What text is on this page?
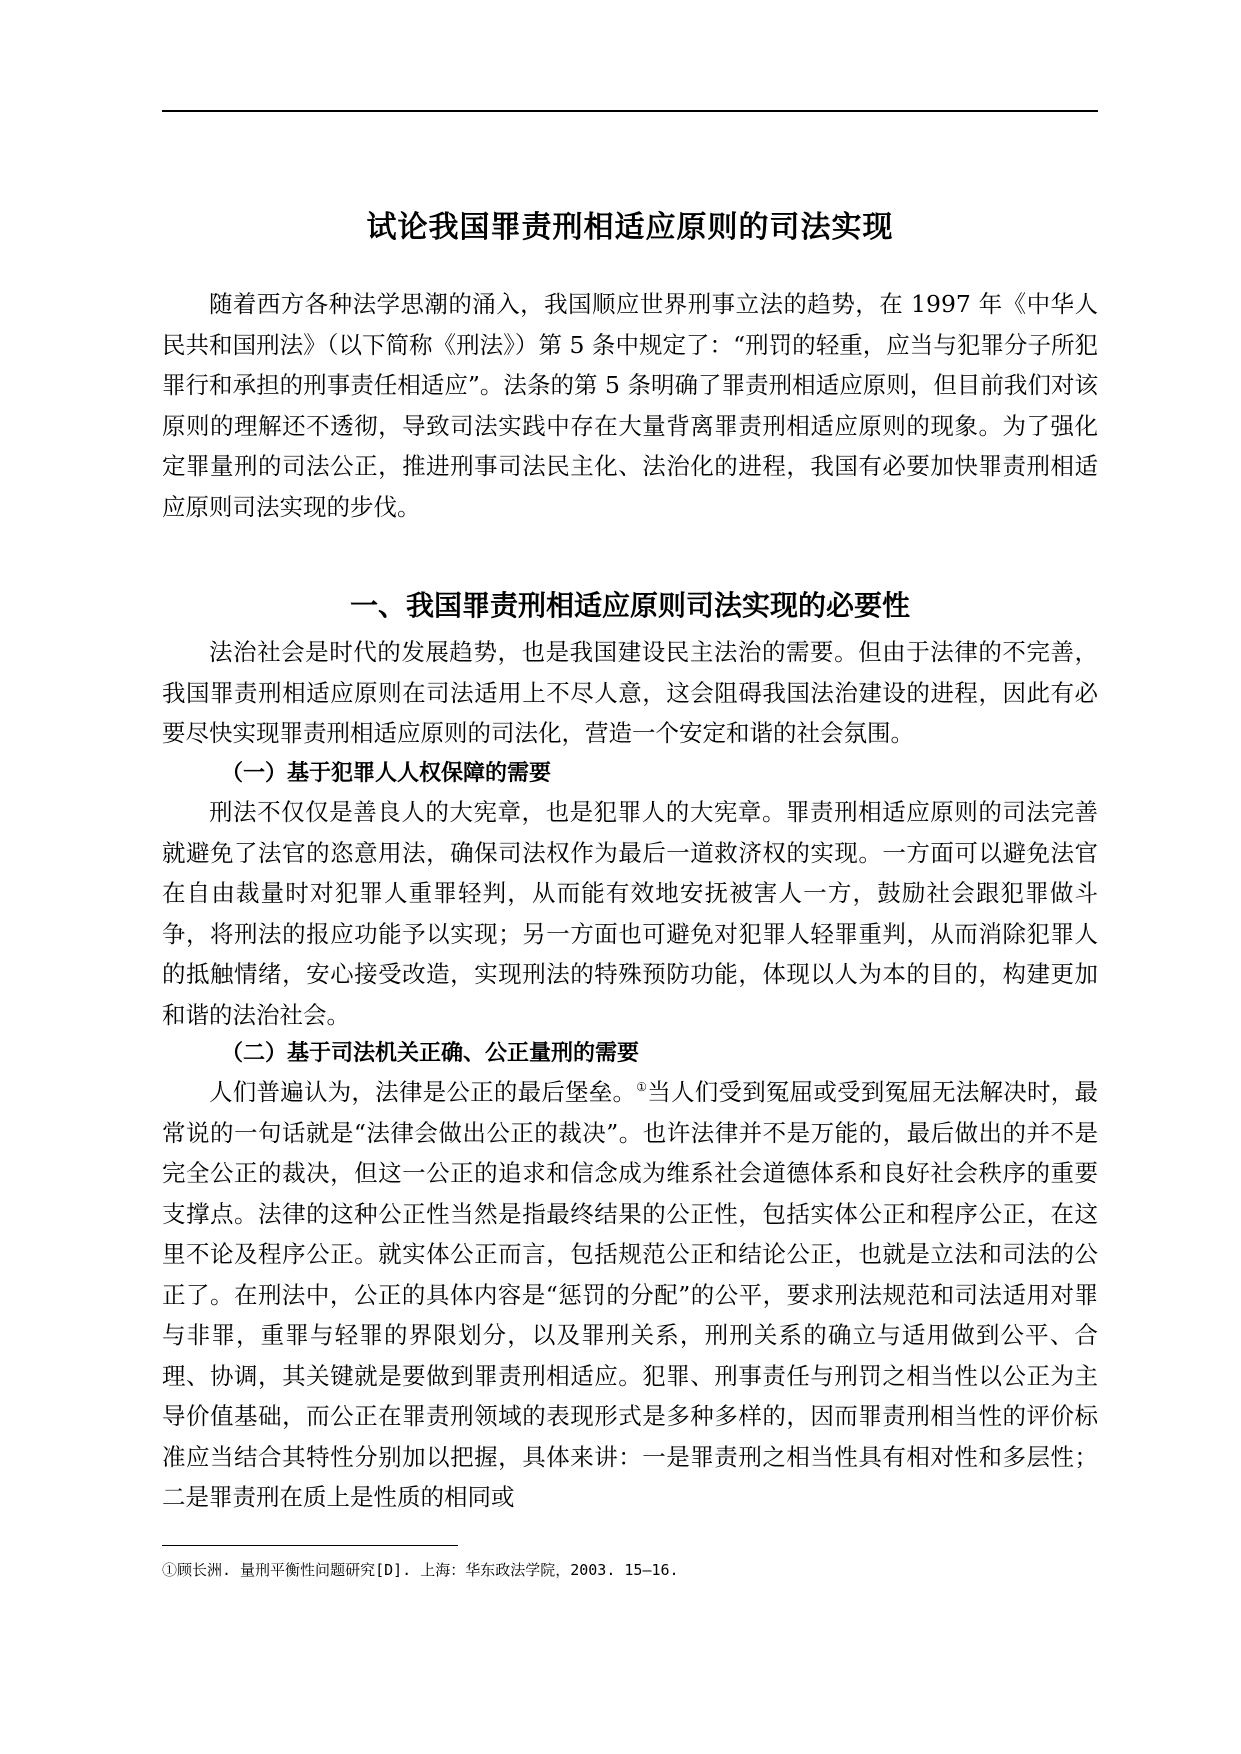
试论我国罪责刑相适应原则的司法实现

随着西方各种法学思潮的涌入，我国顺应世界刑事立法的趋势，在 1997 年《中华人民共和国刑法》（以下简称《刑法》）第 5 条中规定了：“刑罚的轻重，应当与犯罪分子所犯罪行和承担的刑事责任相适应”。法条的第 5 条明确了罪责刑相适应原则，但目前我们对该原则的理解还不透彻，导致司法实践中存在大量背离罪责刑相适应原则的现象。为了强化定罪量刑的司法公正，推进刑事司法民主化、法治化的进程，我国有必要加快罪责刑相适应原则司法实现的步伐。

一、我国罪责刑相适应原则司法实现的必要性

法治社会是时代的发展趋势，也是我国建设民主法治的需要。但由于法律的不完善，我国罪责刑相适应原则在司法适用上不尽人意，这会阻碍我国法治建设的进程，因此有必要尽快实现罪责刑相适应原则的司法化，营造一个安定和谐的社会氛围。

（一）基于犯罪人人权保障的需要

刑法不仅仅是善良人的大宪章，也是犯罪人的大宪章。罪责刑相适应原则的司法完善就避免了法官的恣意用法，确保司法权作为最后一道救济权的实现。一方面可以避免法官在自由裁量时对犯罪人重罪轻判，从而能有效地安抚被害人一方，鼓励社会跟犯罪做斗争，将刑法的报应功能予以实现；另一方面也可避免对犯罪人轻罪重判，从而消除犯罪人的抵触情绪，安心接受改造，实现刑法的特殊预防功能，体现以人为本的目的，构建更加和谐的法治社会。

（二）基于司法机关正确、公正量刑的需要

人们普遍认为，法律是公正的最后堡垒。①当人们受到冤屈或受到冤屈无法解决时，最常说的一句话就是“法律会做出公正的裁决”。也许法律并不是万能的，最后做出的并不是完全公正的裁决，但这一公正的追求和信念成为维系社会道德体系和良好社会秩序的重要支撑点。法律的这种公正性当然是指最终结果的公正性，包括实体公正和程序公正，在这里不论及程序公正。就实体公正而言，包括规范公正和结论公正，也就是立法和司法的公正了。在刑法中，公正的具体内容是“惩罚的分配”的公平，要求刑法规范和司法适用对罪与非罪，重罪与轻罪的界限划分，以及罪刑关系，刑刑关系的确立与适用做到公平、合理、协调，其关键就是要做到罪责刑相适应。犯罪、刑事责任与刑罚之相当性以公正为主导价值基础，而公正在罪责刑领域的表现形式是多种多样的，因而罪责刑相当性的评价标准应当结合其特性分别加以把握，具体来讲：一是罪责刑之相当性具有相对性和多层性；二是罪责刑在质上是性质的相同或

①顾长洲. 量刑平衡性问题研究[D]. 上海：华东政法学院，2003. 15—16.
